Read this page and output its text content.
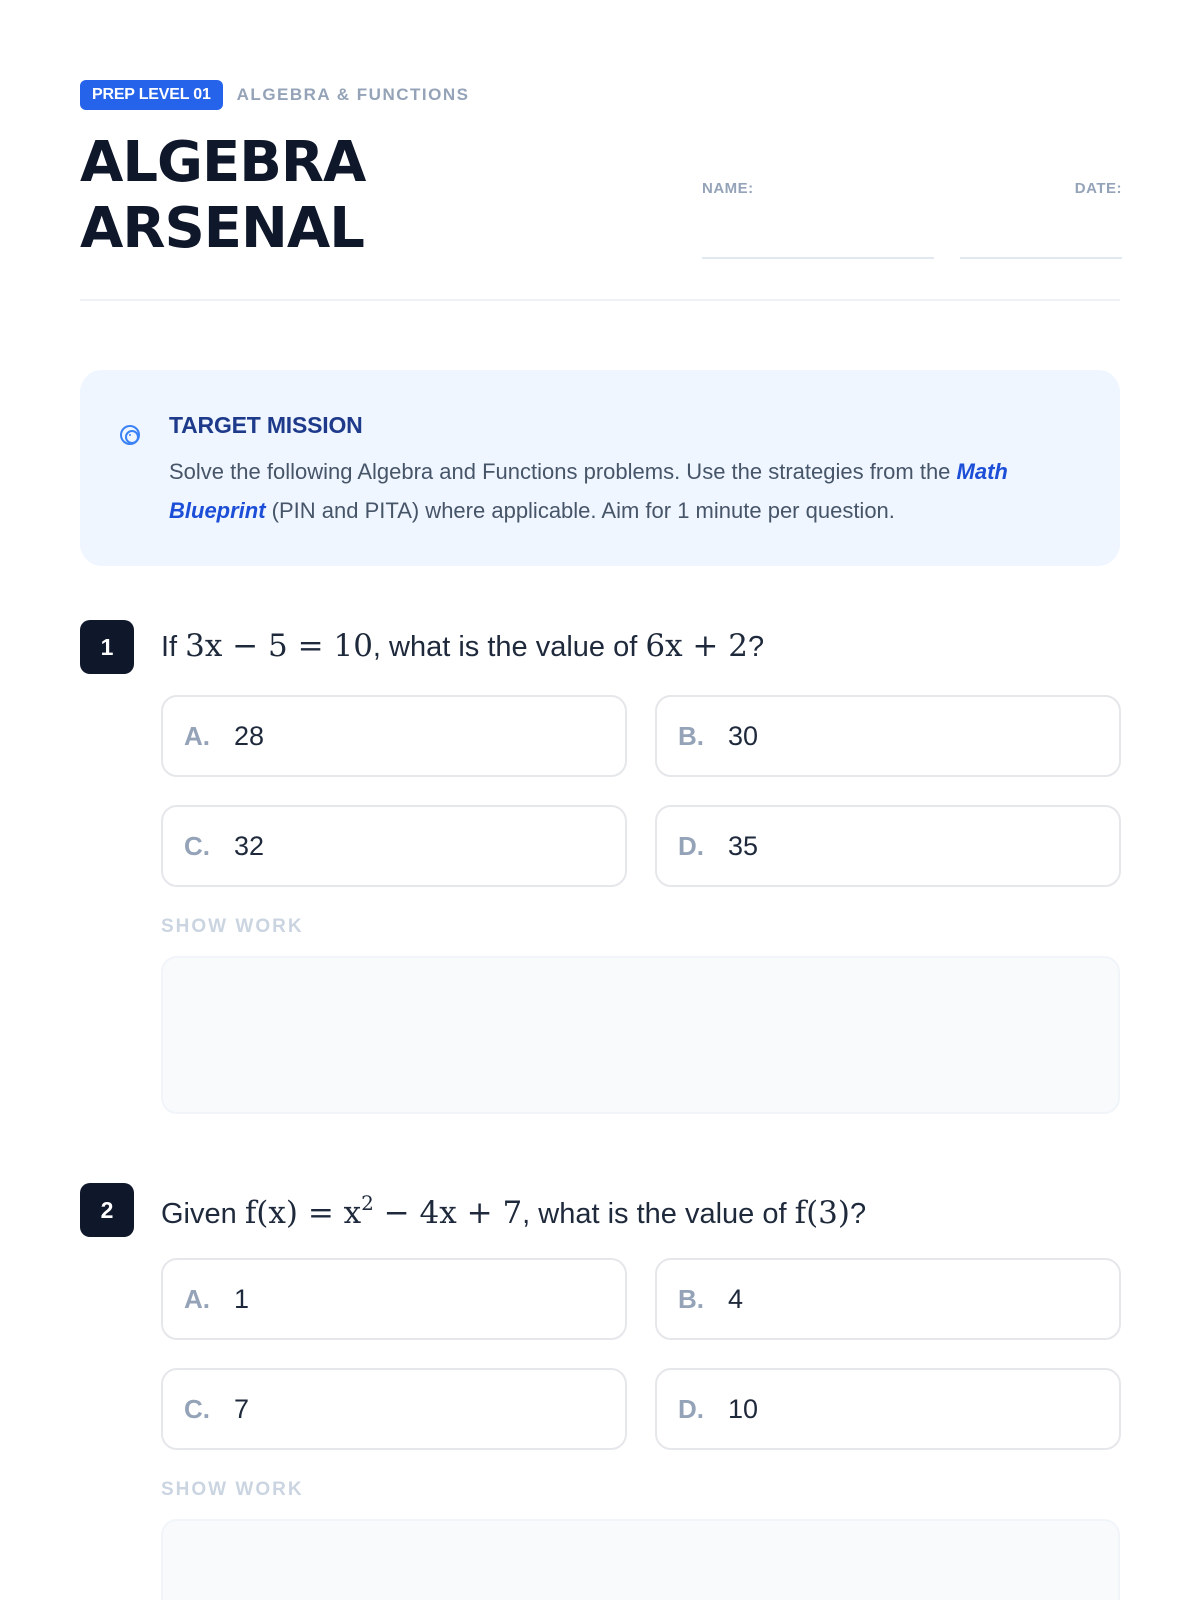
PREP LEVEL 01	ALGEBRA & FUNCTIONS
ALGEBRA
ARSENAL
NAME:	DATE:
TARGET MISSION
Solve the following Algebra and Functions problems. Use the strategies from the Math Blueprint (PIN and PITA) where applicable. Aim for 1 minute per question.
1	If 3x − 5 = 10, what is the value of 6x + 2?
A. 28	B. 30
C. 32	D. 35
SHOW WORK
2	Given $f(x) = x^2 - 4x + 7$, what is the value of f(3)?
A. 1	B. 4
C. 7	D. 10
SHOW WORK
